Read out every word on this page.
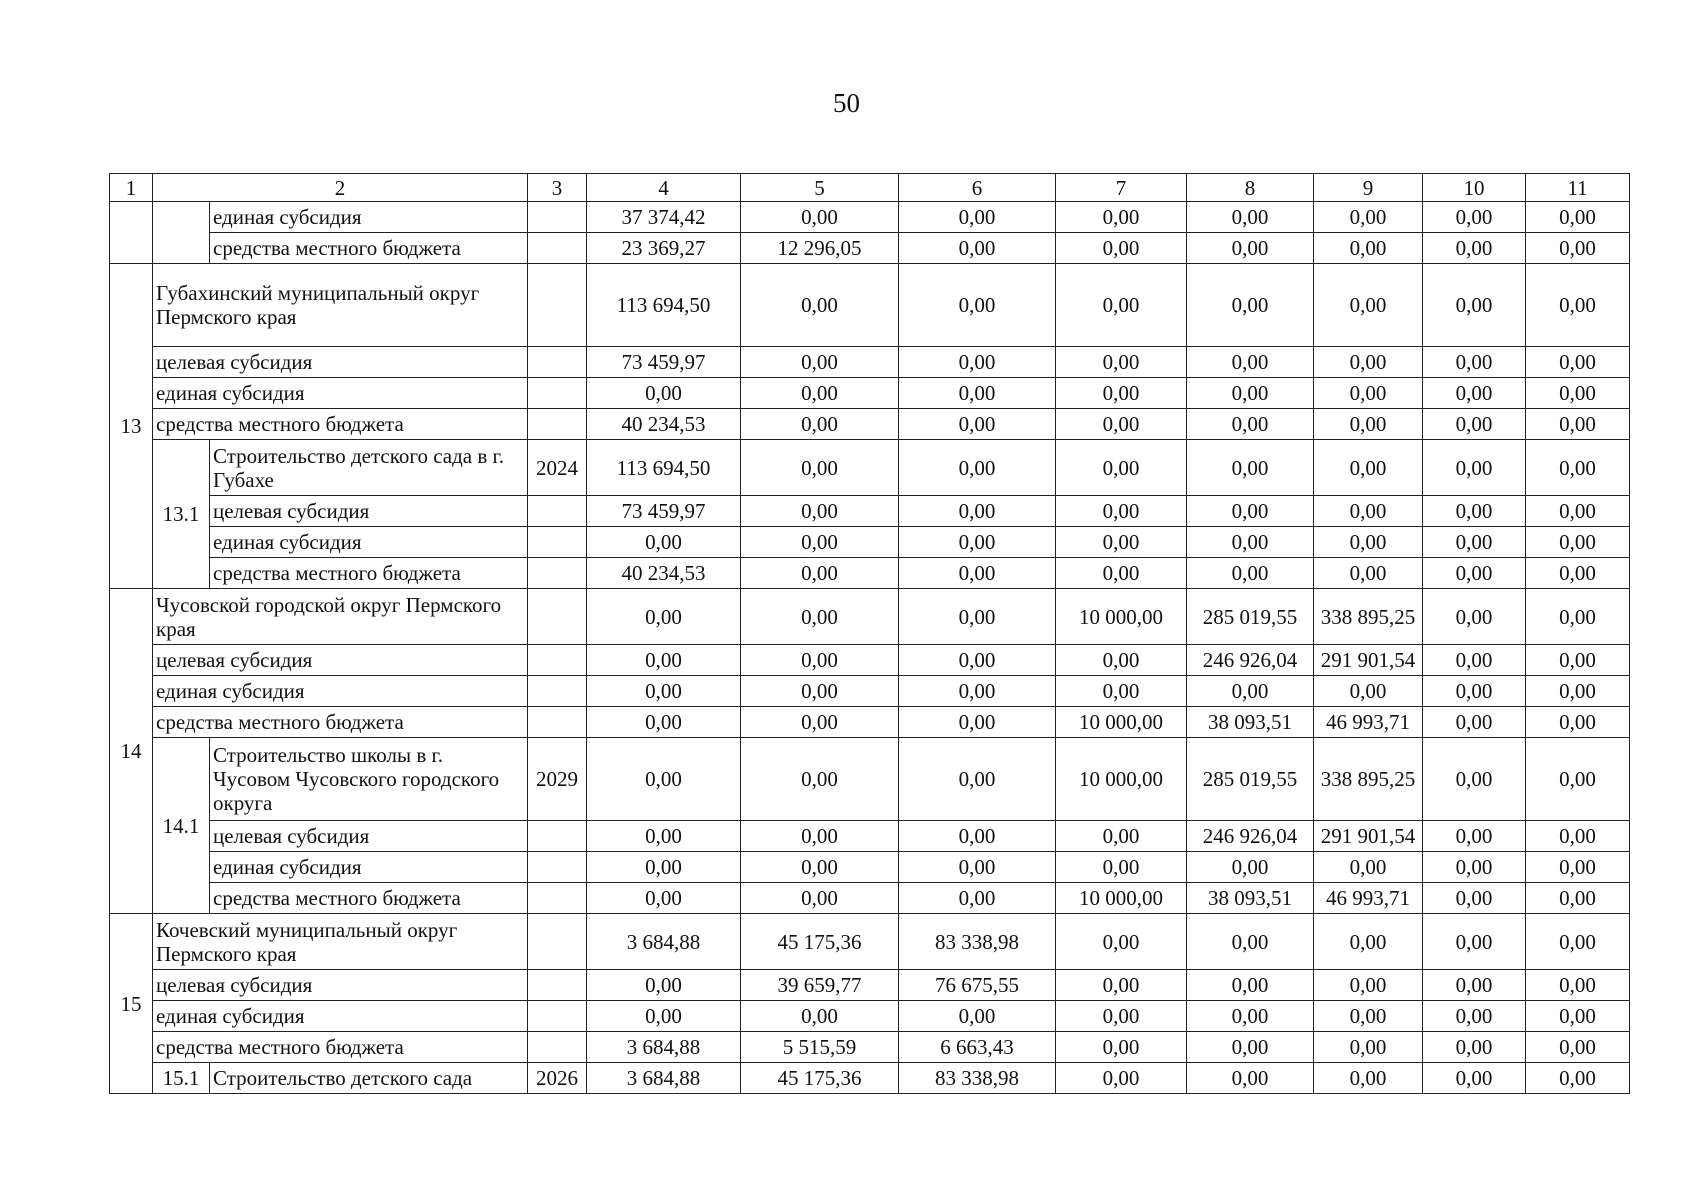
50
1	2		3	4	5	6	7	8	9	10	11
		единая субсидия		37 374,42	0,00	0,00	0,00	0,00	0,00	0,00	0,00
		средства местного бюджета		23 369,27	12 296,05	0,00	0,00	0,00	0,00	0,00	0,00
13	Губахинский муниципальный округ Пермского края			113 694,50	0,00	0,00	0,00	0,00	0,00	0,00	0,00
	целевая субсидия			73 459,97	0,00	0,00	0,00	0,00	0,00	0,00	0,00
	единая субсидия			0,00	0,00	0,00	0,00	0,00	0,00	0,00	0,00
	средства местного бюджета			40 234,53	0,00	0,00	0,00	0,00	0,00	0,00	0,00
	13.1	Строительство детского сада в г. Губахе	2024	113 694,50	0,00	0,00	0,00	0,00	0,00	0,00	0,00
		целевая субсидия		73 459,97	0,00	0,00	0,00	0,00	0,00	0,00	0,00
		единая субсидия		0,00	0,00	0,00	0,00	0,00	0,00	0,00	0,00
		средства местного бюджета		40 234,53	0,00	0,00	0,00	0,00	0,00	0,00	0,00
14	Чусовской городской округ Пермского края			0,00	0,00	0,00	10 000,00	285 019,55	338 895,25	0,00	0,00
	целевая субсидия			0,00	0,00	0,00	0,00	246 926,04	291 901,54	0,00	0,00
	единая субсидия			0,00	0,00	0,00	0,00	0,00	0,00	0,00	0,00
	средства местного бюджета			0,00	0,00	0,00	10 000,00	38 093,51	46 993,71	0,00	0,00
	14.1	Строительство школы в г. Чусовом Чусовского городского округа	2029	0,00	0,00	0,00	10 000,00	285 019,55	338 895,25	0,00	0,00
		целевая субсидия		0,00	0,00	0,00	0,00	246 926,04	291 901,54	0,00	0,00
		единая субсидия		0,00	0,00	0,00	0,00	0,00	0,00	0,00	0,00
		средства местного бюджета		0,00	0,00	0,00	10 000,00	38 093,51	46 993,71	0,00	0,00
15	Кочевский муниципальный округ Пермского края			3 684,88	45 175,36	83 338,98	0,00	0,00	0,00	0,00	0,00
	целевая субсидия			0,00	39 659,77	76 675,55	0,00	0,00	0,00	0,00	0,00
	единая субсидия			0,00	0,00	0,00	0,00	0,00	0,00	0,00	0,00
	средства местного бюджета			3 684,88	5 515,59	6 663,43	0,00	0,00	0,00	0,00	0,00
	15.1	Строительство детского сада	2026	3 684,88	45 175,36	83 338,98	0,00	0,00	0,00	0,00	0,00
